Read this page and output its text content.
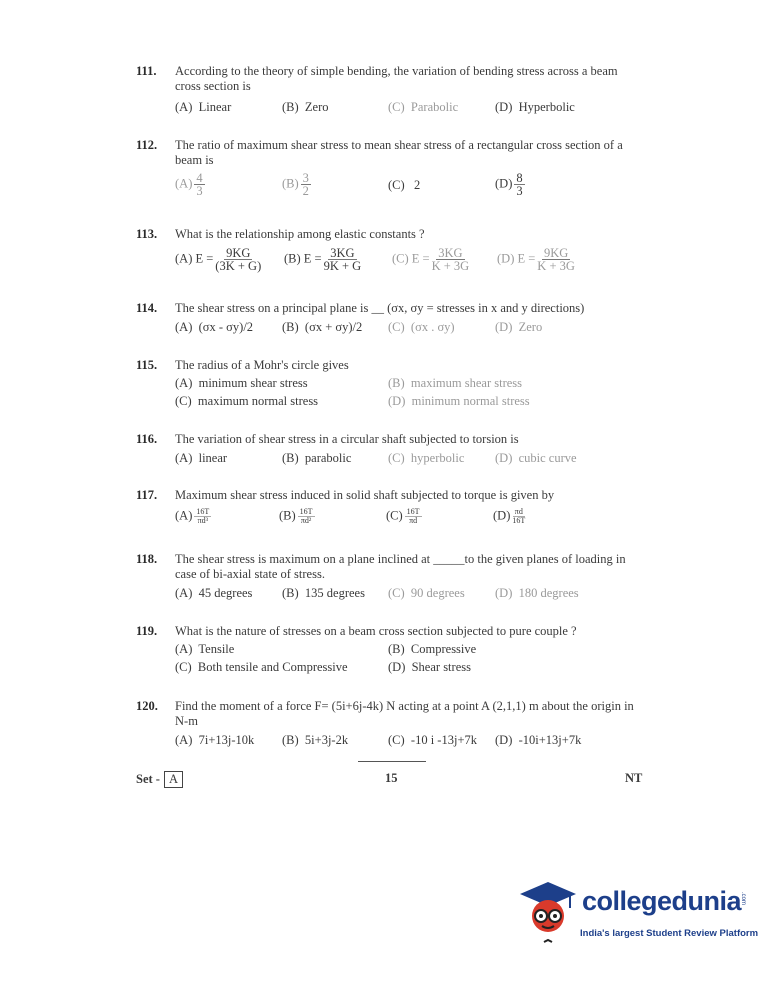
111. According to the theory of simple bending, the variation of bending stress across a beam cross section is
(A) Linear	(B) Zero	(C) Parabolic	(D) Hyperbolic
112. The ratio of maximum shear stress to mean shear stress of a rectangular cross section of a beam is
$(A) \frac{4}{3}$	$(B) \frac{3}{2}$	(C) 2	$(D) \frac{8}{3}$
113. What is the relationship among elastic constants ?
(A) $E = \frac{9KG}{(3K + G)} (B) E = \frac{3KG}{9K + G} (C) E = \frac{3KG}{K + 3G} (D) E = \frac{9KG}{K + 3G}$
114. The shear stress on a principal plane is __ (σx, σy = stresses in x and y directions)
(A) (σx - σy)/2 (B) (σx + σy)/2 (C) (σx . σy)	(D) Zero
115. The radius of a Mohr's circle gives
(A) minimum shear stress	(B) maximum shear stress
(C) maximum normal stress	(D) minimum normal stress
116. The variation of shear stress in a circular shaft subjected to torsion is
(A) linear	(B) parabolic	(C) hyperbolic (D) cubic curve
117. Maximum shear stress induced in solid shaft subjected to torque is given by
$(A) \frac{16T}{\text{πd³}}$	$(B) \frac{16T}{\text{πd²}}$	$(C) \frac{16T}{\pi d}$	$(D) \frac{\pi d}{16T}$
118. The shear stress is maximum on a plane inclined at _____to the given planes of loading in case of bi-axial state of stress.
(A) 45 degrees (B) 135 degrees (C) 90 degrees (D) 180 degrees
119. What is the nature of stresses on a beam cross section subjected to pure couple ?
(A) Tensile	(B) Compressive
(C) Both tensile and Compressive	(D) Shear stress
120. Find the moment of a force F= (5i+6j-4k) N acting at a point A (2,1,1) m about the origin in N-m
(A) 7i+13j-10k (B) 5i+3j-2k	(C) -10 i -13j+7k (D) -10i+13j+7k
Set - A	15	NT
collegedunia
.com
India's largest Student Review Platform
